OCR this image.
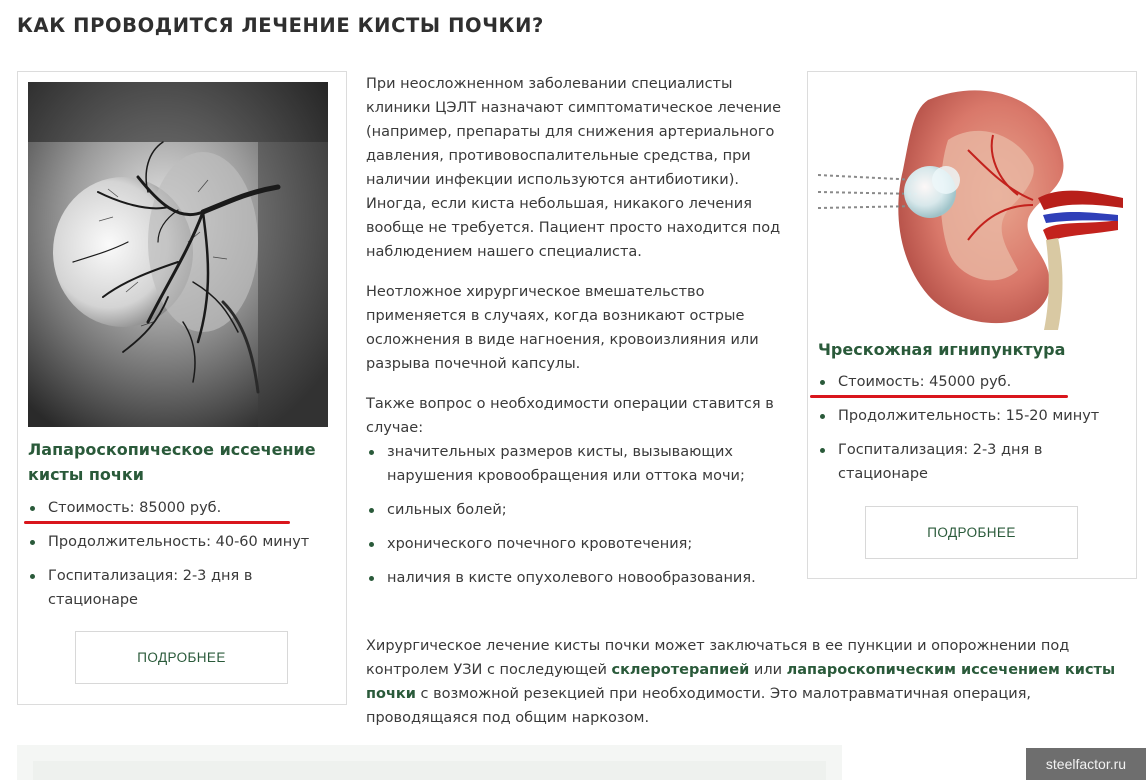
КАК ПРОВОДИТСЯ ЛЕЧЕНИЕ КИСТЫ ПОЧКИ?
Лапароскопическое иссечение кисты почки
Стоимость: 85000 руб.
Продолжительность: 40-60 минут
Госпитализация: 2-3 дня в стационаре
ПОДРОБНЕЕ

При неосложненном заболевании специалисты клиники ЦЭЛТ назначают симптоматическое лечение (например, препараты для снижения артериального давления, противовоспалительные средства, при наличии инфекции используются антибиотики). Иногда, если киста небольшая, никакого лечения вообще не требуется. Пациент просто находится под наблюдением нашего специалиста.

Неотложное хирургическое вмешательство применяется в случаях, когда возникают острые осложнения в виде нагноения, кровоизлияния или разрыва почечной капсулы.

Также вопрос о необходимости операции ставится в случае:

значительных размеров кисты, вызывающих нарушения кровообращения или оттока мочи;
сильных болей;
хронического почечного кровотечения;
наличия в кисте опухолевого новообразования.
Чрескожная игнипунктура
Стоимость: 45000 руб.
Продолжительность: 15-20 минут
Госпитализация: 2-3 дня в стационаре
ПОДРОБНЕЕ
Хирургическое лечение кисты почки может заключаться в ее пункции и опорожнении под контролем УЗИ с последующей склеротерапией или лапароскопическим иссечением кисты почки с возможной резекцией при необходимости. Это малотравматичная операция, проводящаяся под общим наркозом.
steelfactor.ru
